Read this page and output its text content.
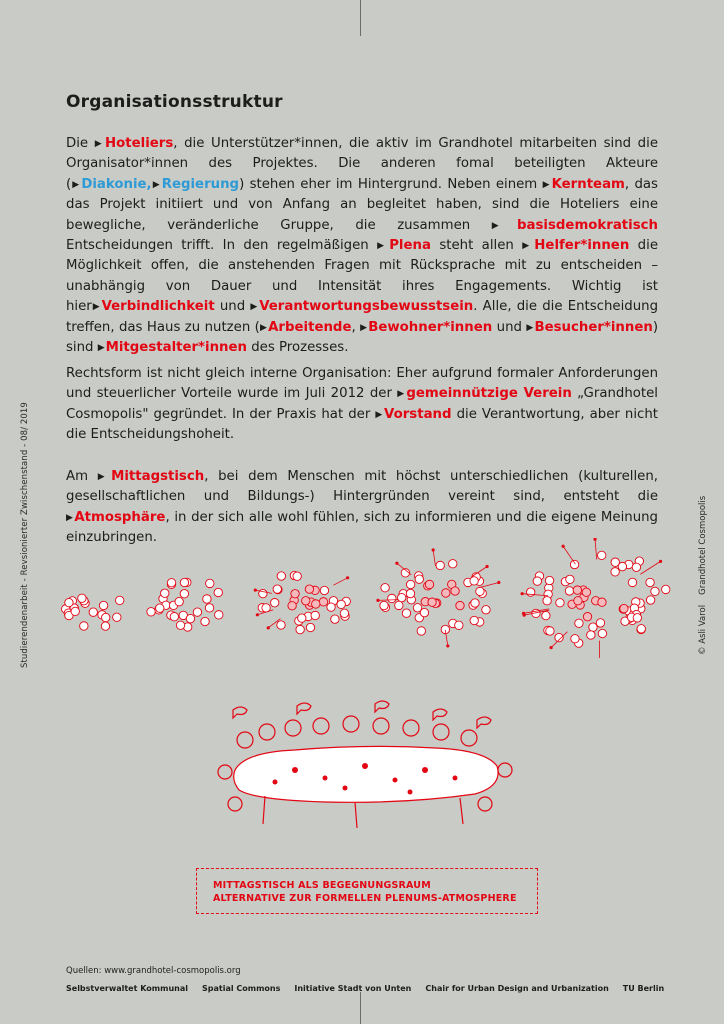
Studierendenarbeit - Revsionierter Zwischenstand - 08/ 2019	© Asli VarolGrandhotel Cosmopolis
Organisationsstruktur
Die ▶Hoteliers, die Unterstützer*innen, die aktiv im Grandhotel mitarbeiten sind die Organisator*innen des Projektes. Die anderen fomal beteiligten Akteure (▶Diakonie,▶Regierung) stehen eher im Hintergrund. Neben einem ▶Kernteam, das das Projekt initiiert und von Anfang an begleitet haben, sind die Hoteliers eine bewegliche, veränderliche Gruppe, die zusammen ▶basisdemokratisch Entscheidungen trifft. In den regelmäßigen ▶Plena steht allen ▶Helfer*innen die Möglichkeit offen, die anstehenden Fragen mit Rücksprache mit zu entscheiden – unabhängig von Dauer und Intensität ihres Engagements. Wichtig ist hier▶Verbindlichkeit und ▶Verantwortungsbewusstsein. Alle, die die Entscheidung treffen, das Haus zu nutzen (▶Arbeitende, ▶Bewohner*innen und ▶Besucher*innen) sind ▶Mitgestalter*innen des Prozesses.
Rechtsform ist nicht gleich interne Organisation: Eher aufgrund formaler Anforderungen und steuerlicher Vorteile wurde im Juli 2012 der ▶gemeinnützige Verein „Grandhotel Cosmopolis" gegründet. In der Praxis hat der ▶Vorstand die Verantwortung, aber nicht die Entscheidungshoheit.
Am ▶Mittagstisch, bei dem Menschen mit höchst unterschiedlichen (kulturellen, gesellschaftlichen und Bildungs-) Hintergründen vereint sind, entsteht die ▶Atmosphäre, in der sich alle wohl fühlen, sich zu informieren und die eigene Meinung einzubringen.
MITTAGSTISCH ALS BEGEGNUNGSRAUM
ALTERNATIVE ZUR FORMELLEN PLENUMS-ATMOSPHERE
Quellen: www.grandhotel-cosmopolis.org
Selbstverwaltet Kommunal Spatial Commons Initiative Stadt von Unten Chair for Urban Design and Urbanization TU Berlin
